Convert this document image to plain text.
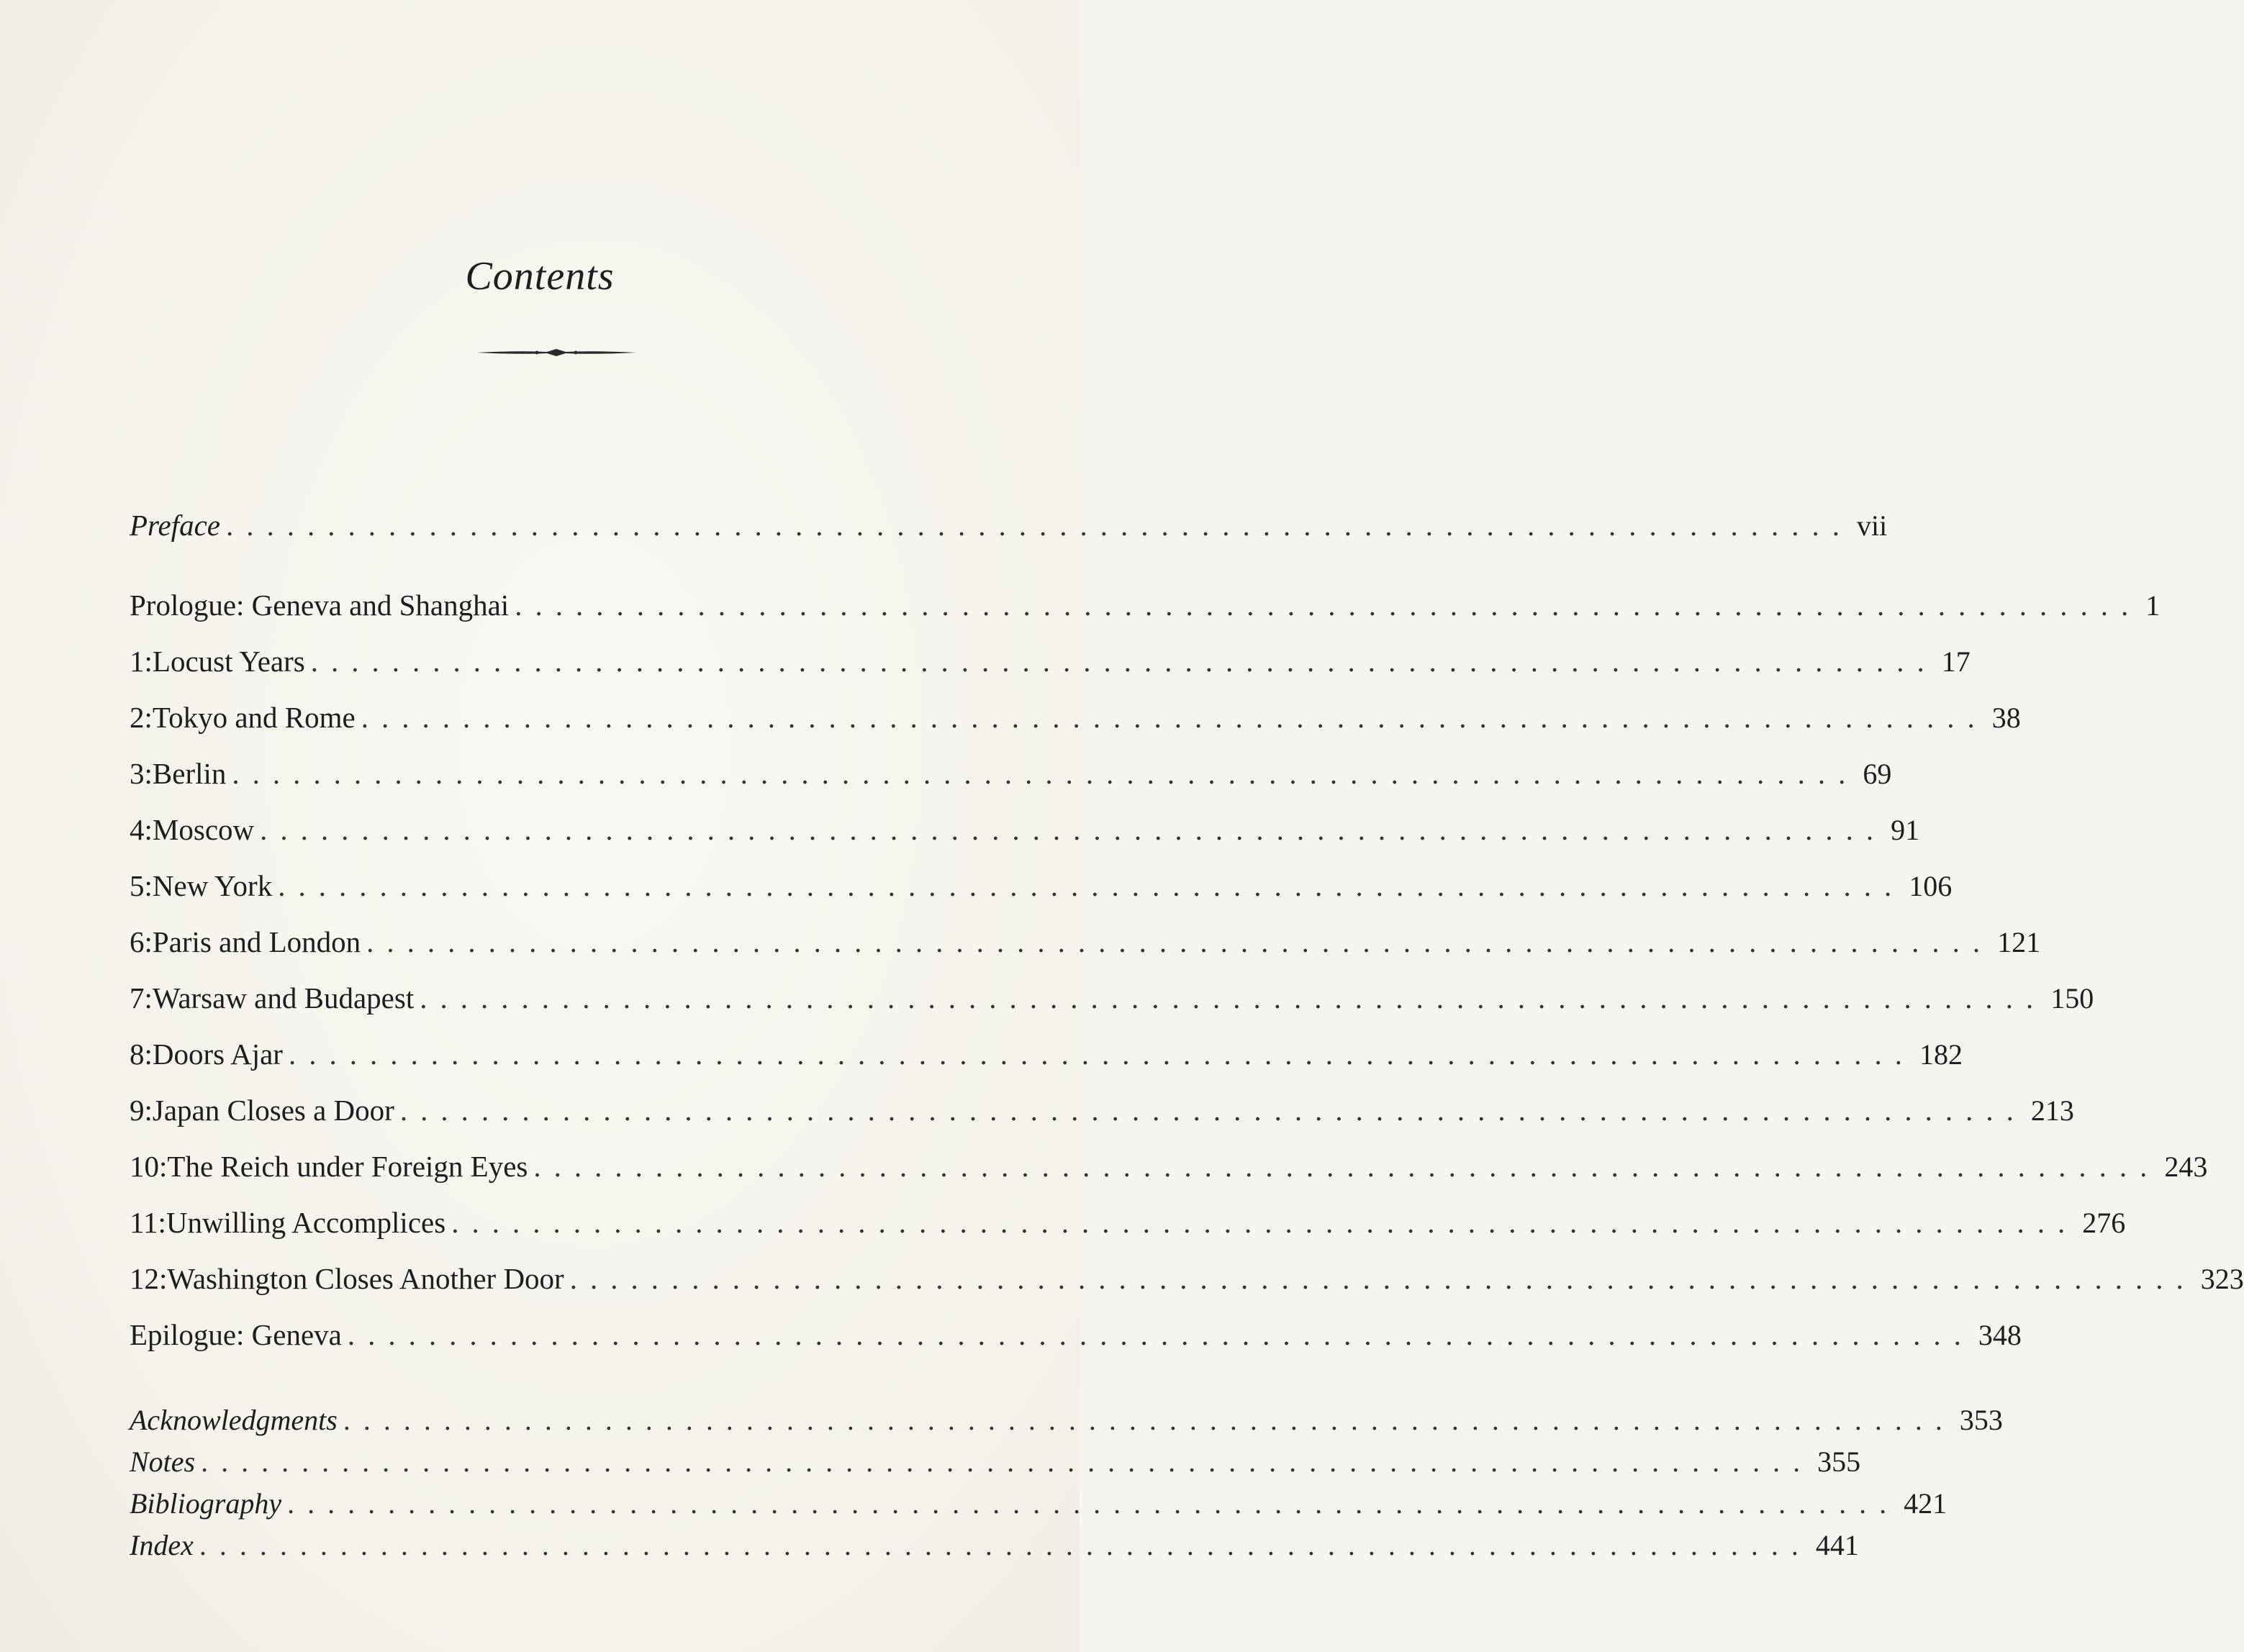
Contents
Preface ................................................................................ vii
Prologue: Geneva and Shanghai ................................................................................ 1
1: Locust Years ................................................................................ 17
2: Tokyo and Rome ................................................................................ 38
3: Berlin ................................................................................ 69
4: Moscow ................................................................................ 91
5: New York ................................................................................ 106
6: Paris and London ................................................................................ 121
7: Warsaw and Budapest ................................................................................ 150
8: Doors Ajar ................................................................................ 182
9: Japan Closes a Door ................................................................................ 213
10: The Reich under Foreign Eyes ................................................................................ 243
11: Unwilling Accomplices ................................................................................ 276
12: Washington Closes Another Door ................................................................................ 323
Epilogue: Geneva ................................................................................ 348
Acknowledgments ................................................................................ 353
Notes ................................................................................ 355
Bibliography ................................................................................ 421
Index ................................................................................ 441
